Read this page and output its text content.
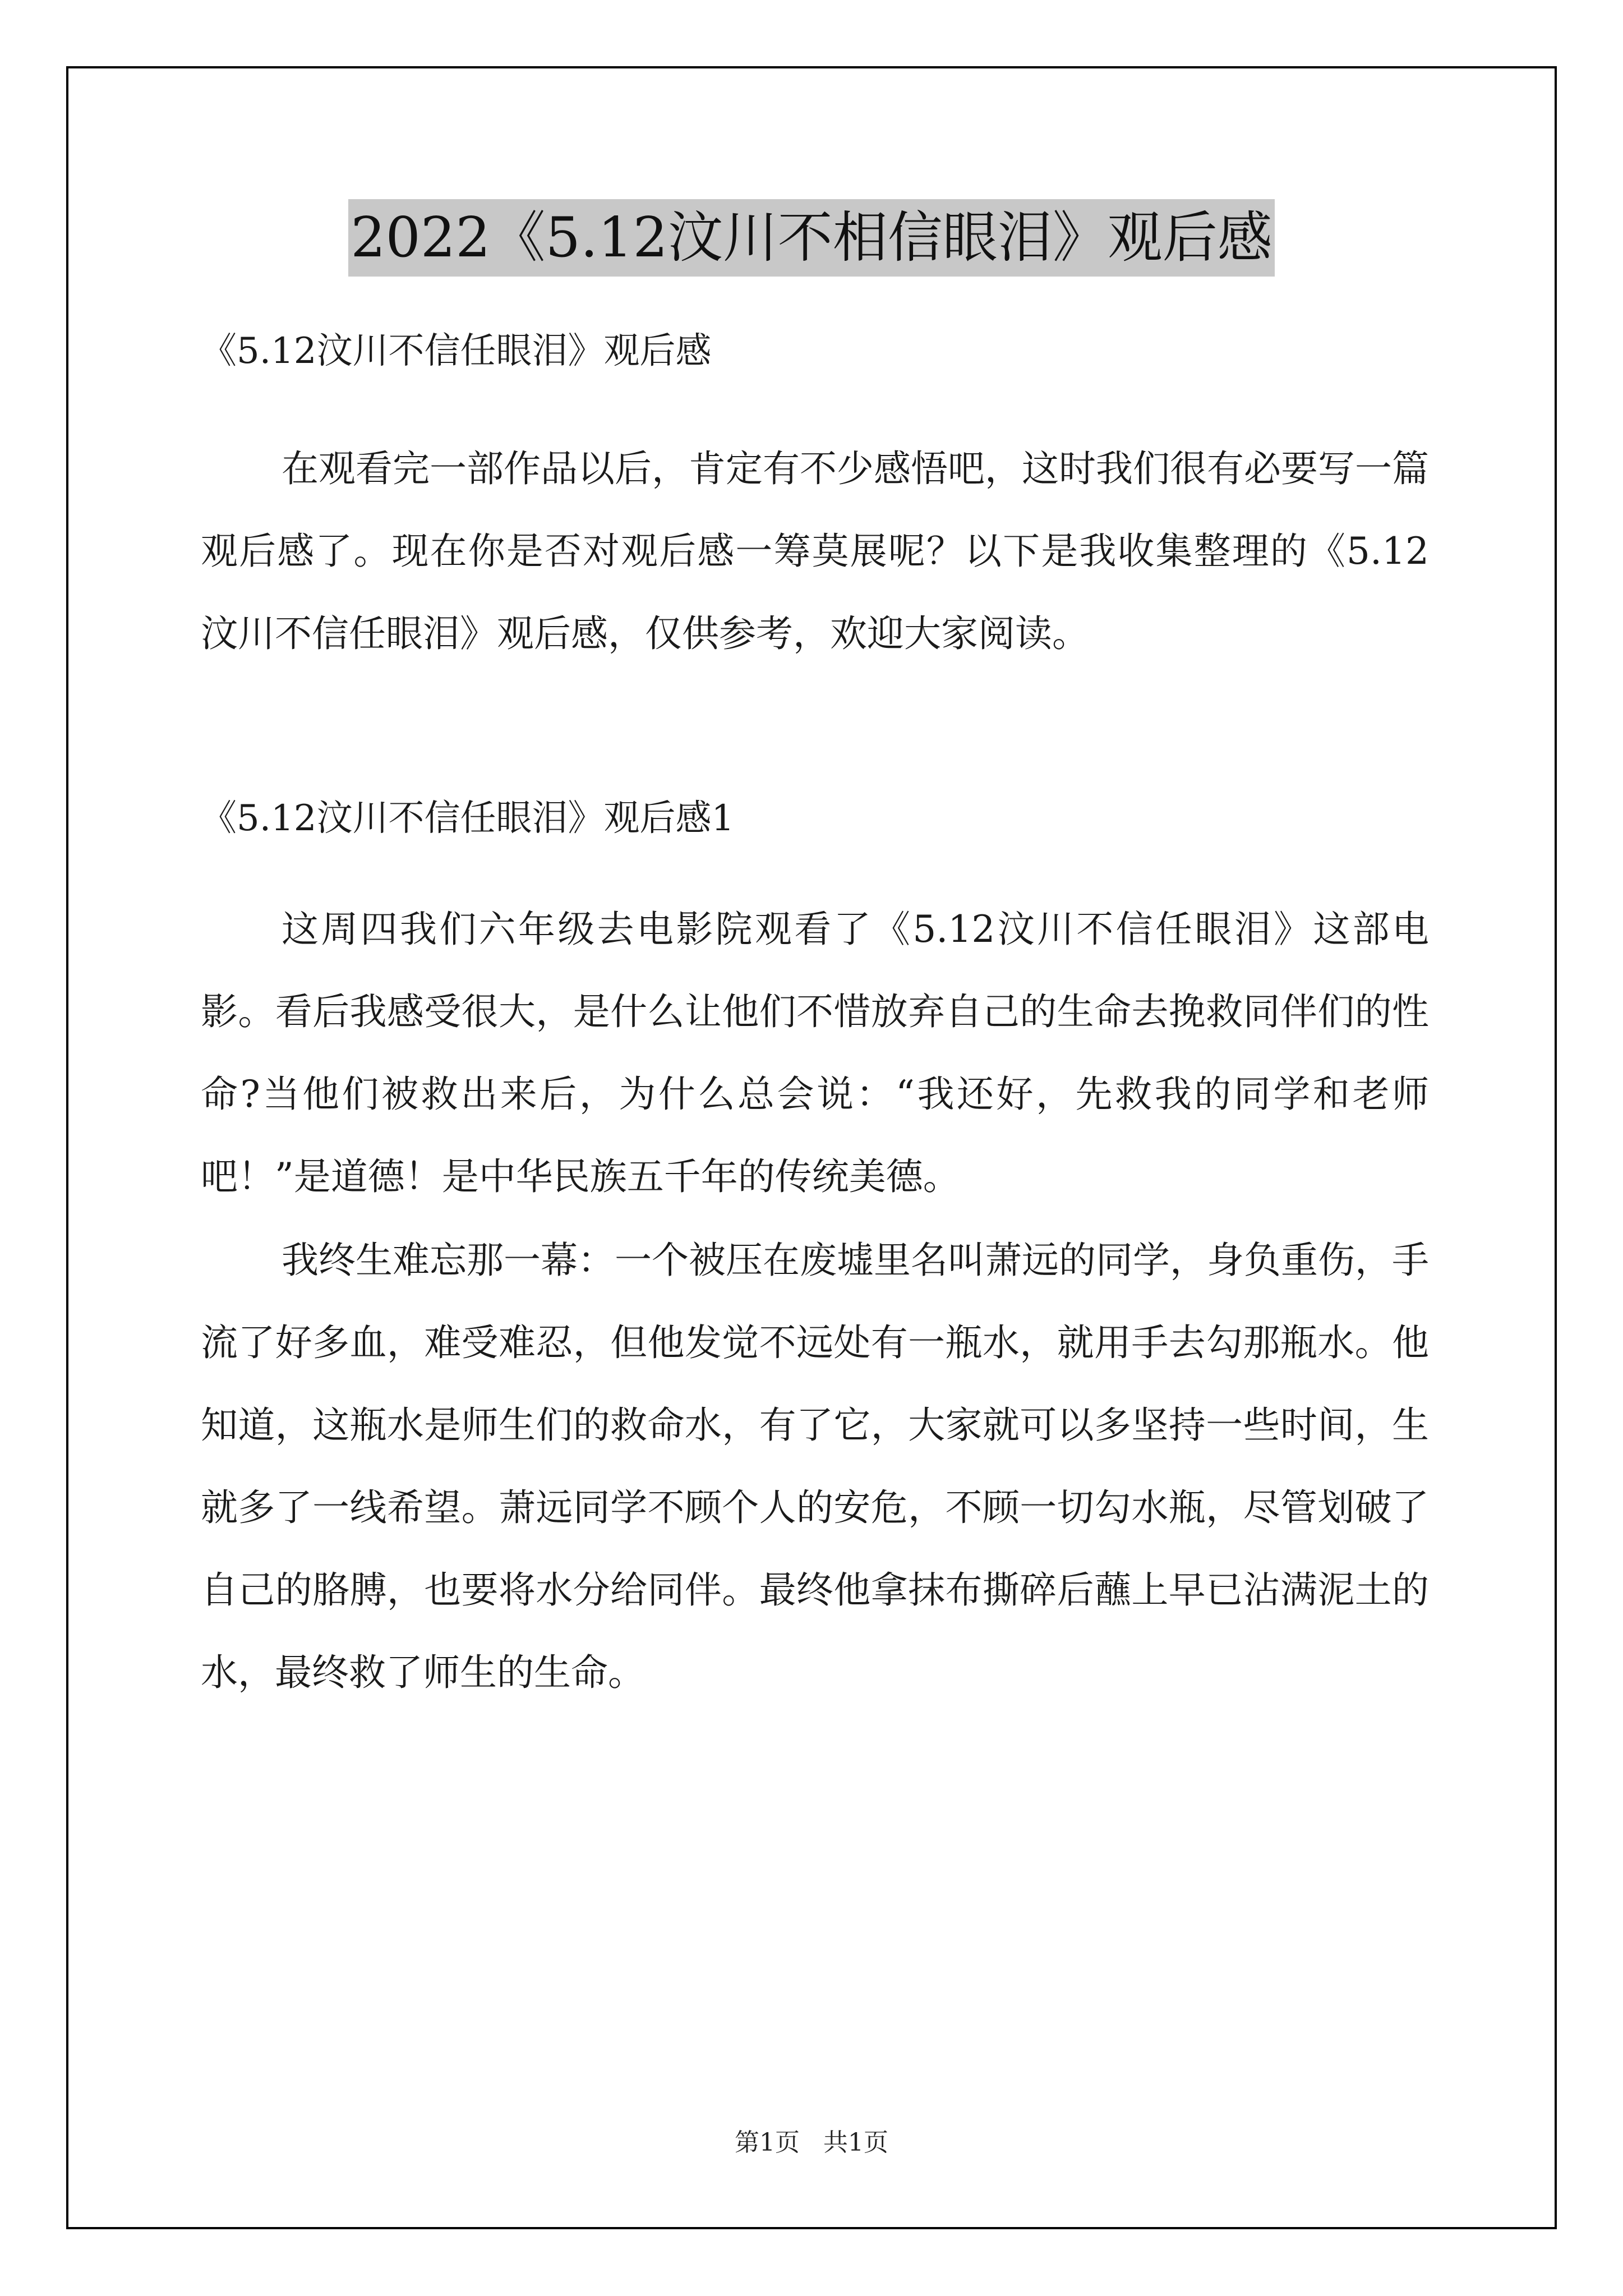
2022《5.12汶川不相信眼泪》观后感

《5.12汶川不信任眼泪》观后感

在观看完一部作品以后，肯定有不少感悟吧，这时我们很有必要写一篇观后感了。现在你是否对观后感一筹莫展呢？以下是我收集整理的《5.12汶川不信任眼泪》观后感，仅供参考，欢迎大家阅读。

《5.12汶川不信任眼泪》观后感1

这周四我们六年级去电影院观看了《5.12汶川不信任眼泪》这部电影。看后我感受很大，是什么让他们不惜放弃自己的生命去挽救同伴们的性命?当他们被救出来后，为什么总会说：“我还好，先救我的同学和老师吧！”是道德！是中华民族五千年的传统美德。

我终生难忘那一幕：一个被压在废墟里名叫萧远的同学，身负重伤，手流了好多血，难受难忍，但他发觉不远处有一瓶水，就用手去勾那瓶水。他知道，这瓶水是师生们的救命水，有了它，大家就可以多坚持一些时间，生就多了一线希望。萧远同学不顾个人的安危，不顾一切勾水瓶，尽管划破了自己的胳膊，也要将水分给同伴。最终他拿抹布撕碎后蘸上早已沾满泥土的水，最终救了师生的生命。

第1页 共1页
